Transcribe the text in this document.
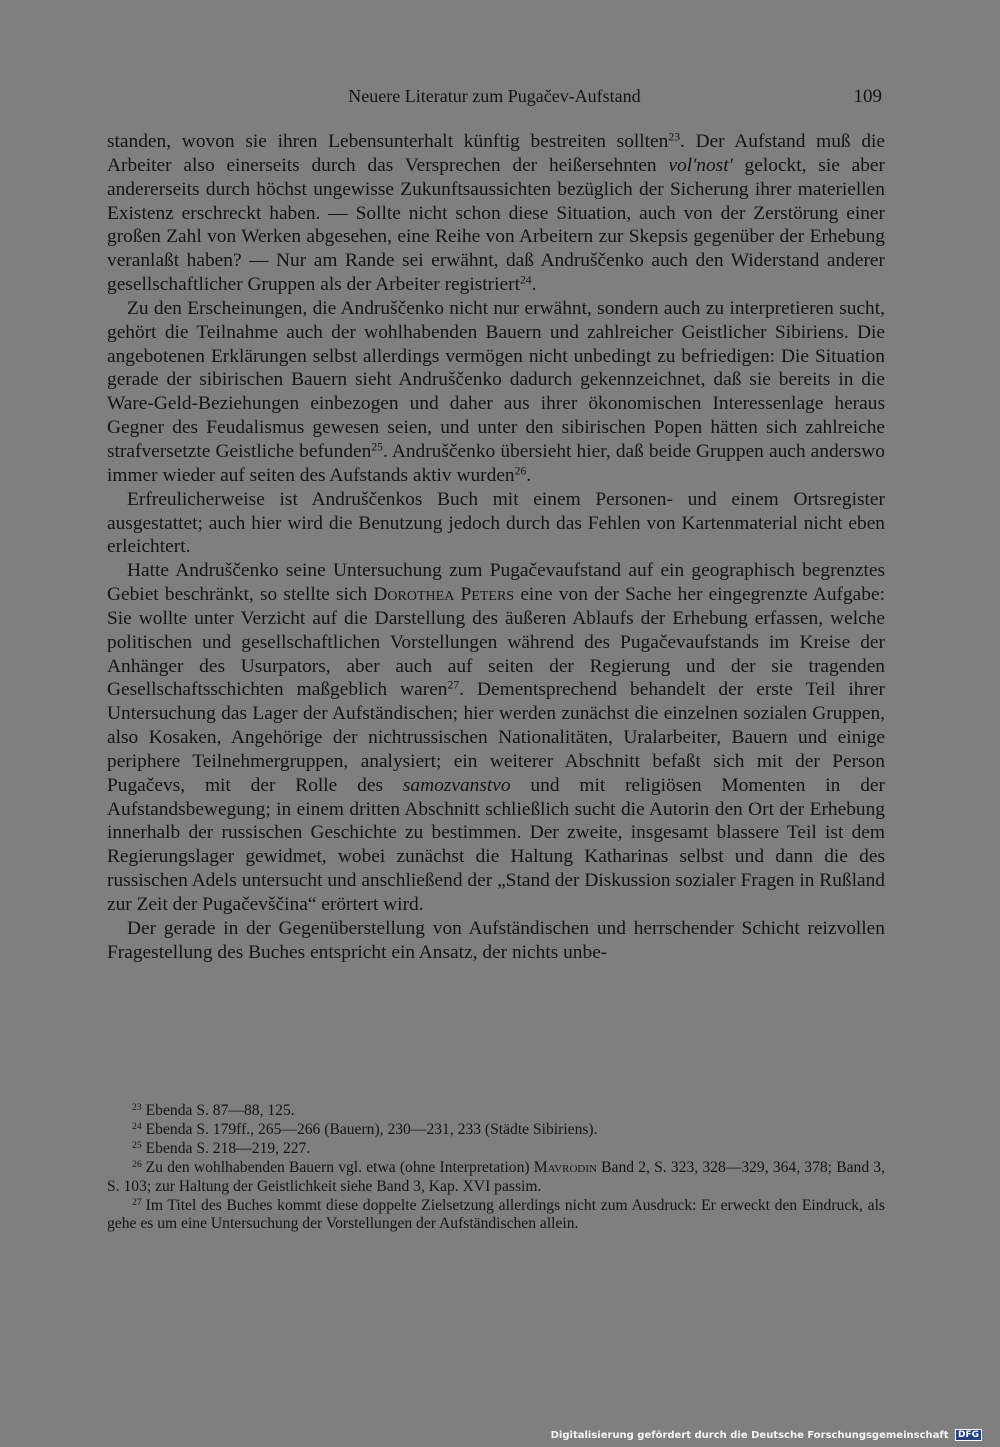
Neuere Literatur zum Pugačev-Aufstand	109

standen, wovon sie ihren Lebensunterhalt künftig bestreiten sollten$^{23}$. Der Aufstand muß die Arbeiter also einerseits durch das Versprechen der heißersehnten vol'nost' gelockt, sie aber andererseits durch höchst ungewisse Zukunftsaussichten bezüglich der Sicherung ihrer materiellen Existenz erschreckt haben. — Sollte nicht schon diese Situation, auch von der Zerstörung einer großen Zahl von Werken abgesehen, eine Reihe von Arbeitern zur Skepsis gegenüber der Erhebung veranlaßt haben? — Nur am Rande sei erwähnt, daß Andruščenko auch den Widerstand anderer gesellschaftlicher Gruppen als der Arbeiter registriert$^{24}$.

Zu den Erscheinungen, die Andruščenko nicht nur erwähnt, sondern auch zu interpretieren sucht, gehört die Teilnahme auch der wohlhabenden Bauern und zahlreicher Geistlicher Sibiriens. Die angebotenen Erklärungen selbst allerdings vermögen nicht unbedingt zu befriedigen: Die Situation gerade der sibirischen Bauern sieht Andruščenko dadurch gekennzeichnet, daß sie bereits in die Ware-Geld-Beziehungen einbezogen und daher aus ihrer ökonomischen Interessenlage heraus Gegner des Feudalismus gewesen seien, und unter den sibirischen Popen hätten sich zahlreiche strafversetzte Geistliche befunden$^{25}$. Andruščenko übersieht hier, daß beide Gruppen auch anderswo immer wieder auf seiten des Aufstands aktiv wurden$^{26}$.

Erfreulicherweise ist Andruščenkos Buch mit einem Personen- und einem Ortsregister ausgestattet; auch hier wird die Benutzung jedoch durch das Fehlen von Kartenmaterial nicht eben erleichtert.

Hatte Andruščenko seine Untersuchung zum Pugačevaufstand auf ein geographisch begrenztes Gebiet beschränkt, so stellte sich Dorothea Peters eine von der Sache her eingegrenzte Aufgabe: Sie wollte unter Verzicht auf die Darstellung des äußeren Ablaufs der Erhebung erfassen, welche politischen und gesellschaftlichen Vorstellungen während des Pugačevaufstands im Kreise der Anhänger des Usurpators, aber auch auf seiten der Regierung und der sie tragenden Gesellschaftsschichten maßgeblich waren$^{27}$. Dementsprechend behandelt der erste Teil ihrer Untersuchung das Lager der Aufständischen; hier werden zunächst die einzelnen sozialen Gruppen, also Kosaken, Angehörige der nichtrussischen Nationalitäten, Uralarbeiter, Bauern und einige periphere Teilnehmergruppen, analysiert; ein weiterer Abschnitt befaßt sich mit der Person Pugačevs, mit der Rolle des samozvanstvo und mit religiösen Momenten in der Aufstandsbewegung; in einem dritten Abschnitt schließlich sucht die Autorin den Ort der Erhebung innerhalb der russischen Geschichte zu bestimmen. Der zweite, insgesamt blassere Teil ist dem Regierungslager gewidmet, wobei zunächst die Haltung Katharinas selbst und dann die des russischen Adels untersucht und anschließend der „Stand der Diskussion sozialer Fragen in Rußland zur Zeit der Pugačevščina“ erörtert wird.

Der gerade in der Gegenüberstellung von Aufständischen und herrschender Schicht reizvollen Fragestellung des Buches entspricht ein Ansatz, der nichts unbe-

$^{23}$ Ebenda S. 87—88, 125.

$^{24}$ Ebenda S. 179ff., 265—266 (Bauern), 230—231, 233 (Städte Sibiriens).

$^{25}$ Ebenda S. 218—219, 227.

$^{26}$ Zu den wohlhabenden Bauern vgl. etwa (ohne Interpretation) Mavrodin Band 2, S. 323, 328—329, 364, 378; Band 3, S. 103; zur Haltung der Geistlichkeit siehe Band 3, Kap. XVI passim.

$^{27}$ Im Titel des Buches kommt diese doppelte Zielsetzung allerdings nicht zum Ausdruck: Er erweckt den Eindruck, als gehe es um eine Untersuchung der Vorstellungen der Aufständischen allein.

Digitalisierung gefördert durch die Deutsche Forschungsgemeinschaft DFG
